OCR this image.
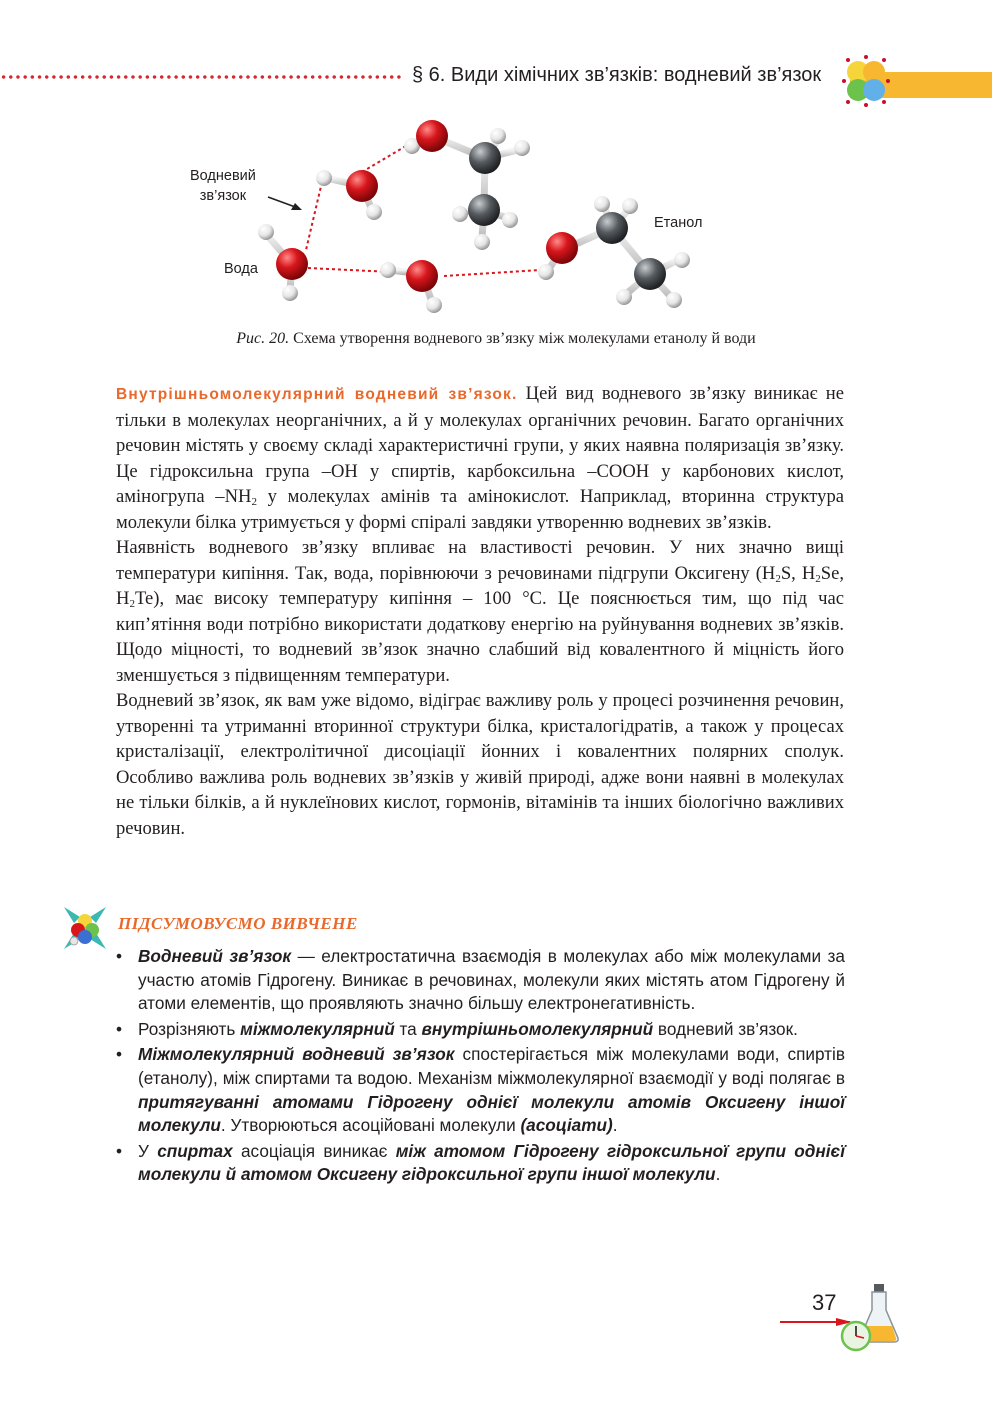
§ 6. Види хімічних зв’язків: водневий зв’язок
Водневий
зв’язок
Вода
Етанол
Рис. 20. Схема утворення водневого зв’язку між молекулами етанолу й води

Внутрішньомолекулярний водневий зв’язок. Цей вид водневого зв’язку виникає не тільки в молекулах неорганічних, а й у молекулах органічних речовин. Багато органічних речовин містять у своєму складі характеристичні групи, у яких наявна поляризація зв’язку. Це гідроксильна група –OH у спиртів, карбоксильна –COOH у карбонових кислот, аміногрупа $-NH_2$ у молекулах амінів та амінокислот. Наприклад, вторинна структура молекули білка утримується у формі спіралі завдяки утворенню водневих зв’язків.

Наявність водневого зв’язку впливає на властивості речовин. У них значно вищі температури кипіння. Так, вода, порівнюючи з речовинами підгрупи Оксигену ($H_2S$, $H_2Se$, $H_2Te$), має високу температуру кипіння – 100 °C. Це пояснюється тим, що під час кип’ятіння води потрібно використати додаткову енергію на руйнування водневих зв’язків. Щодо міцності, то водневий зв’язок значно слабший від ковалентного й міцність його зменшується з підвищенням температури.

Водневий зв’язок, як вам уже відомо, відіграє важливу роль у процесі розчинення речовин, утворенні та утриманні вторинної структури білка, кристалогідратів, а також у процесах кристалізації, електролітичної дисоціації йонних і ковалентних полярних сполук. Особливо важлива роль водневих зв’язків у живій природі, адже вони наявні в молекулах не тільки білків, а й нуклеїнових кислот, гормонів, вітамінів та інших біологічно важливих речовин.

ПІДСУМОВУЄМО ВИВЧЕНЕ
• Водневий зв’язок — електростатична взаємодія в молекулах або між молекулами за участю атомів Гідрогену. Виникає в речовинах, молекули яких містять атом Гідрогену й атоми елементів, що проявляють значно більшу електронегативність.
• Розрізняють міжмолекулярний та внутрішньомолекулярний водневий зв’язок.
• Міжмолекулярний водневий зв’язок спостерігається між молекулами води, спиртів (етанолу), між спиртами та водою. Механізм міжмолекулярної взаємодії у воді полягає в притягуванні атомами Гідрогену однієї молекули атомів Оксигену іншої молекули. Утворюються асоційовані молекули (асоціати).
• У спиртах асоціація виникає між атомом Гідрогену гідроксильної групи однієї молекули й атомом Оксигену гідроксильної групи іншої молекули.
37
